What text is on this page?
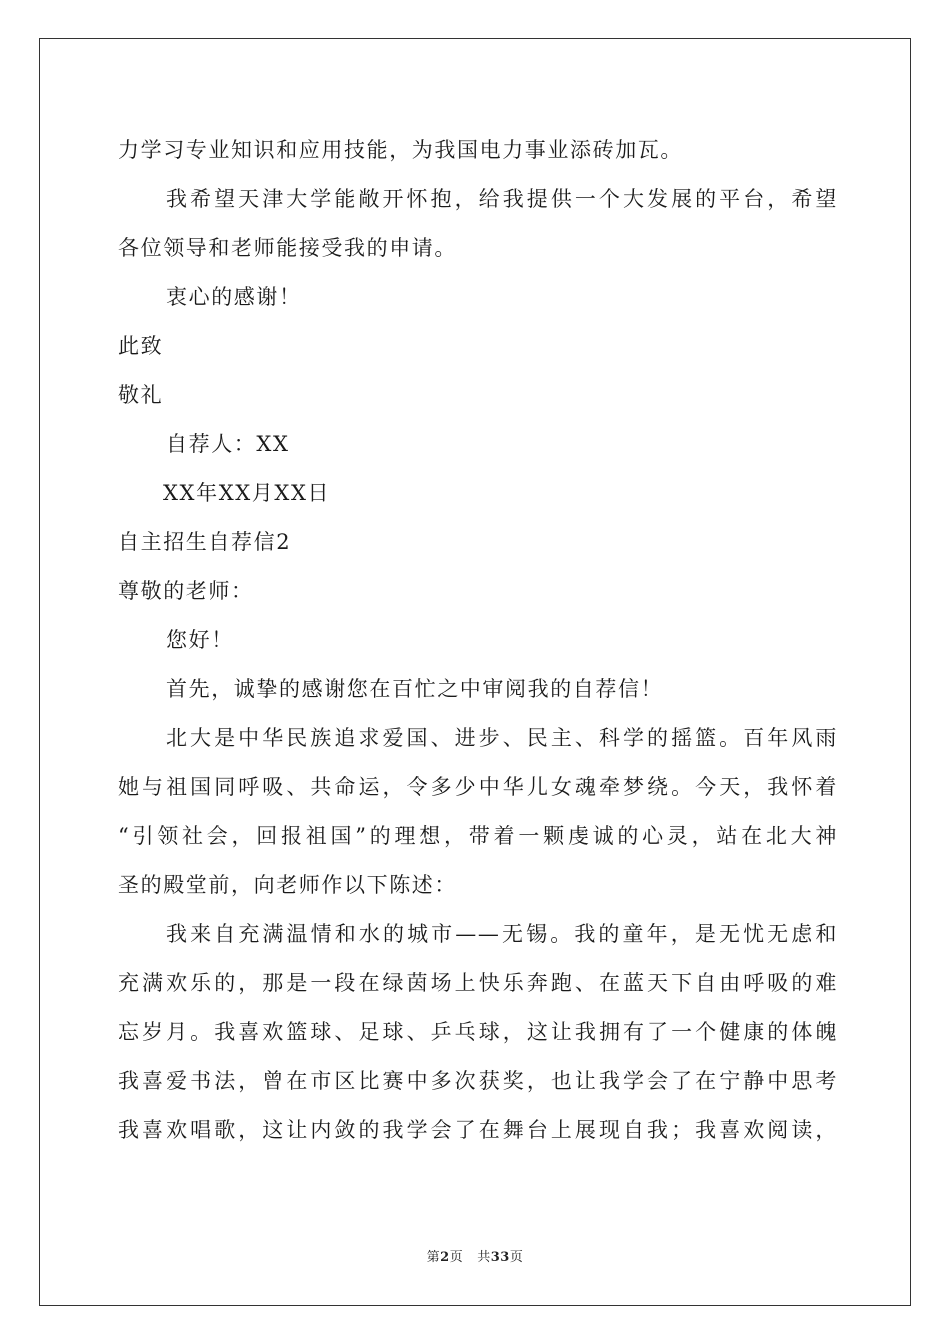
力学习专业知识和应用技能，为我国电力事业添砖加瓦。
我希望天津大学能敞开怀抱，给我提供一个大发展的平台，希望
各位领导和老师能接受我的申请。
衷心的感谢！
此致
敬礼
自荐人：XX
XX年XX月XX日
自主招生自荐信2
尊敬的老师：
您好！
首先，诚挚的感谢您在百忙之中审阅我的自荐信！
北大是中华民族追求爱国、进步、民主、科学的摇篮。百年风雨
她与祖国同呼吸、共命运，令多少中华儿女魂牵梦绕。今天，我怀着
“引领社会，回报祖国”的理想，带着一颗虔诚的心灵，站在北大神
圣的殿堂前，向老师作以下陈述：
我来自充满温情和水的城市——无锡。我的童年，是无忧无虑和
充满欢乐的，那是一段在绿茵场上快乐奔跑、在蓝天下自由呼吸的难
忘岁月。我喜欢篮球、足球、乒乓球，这让我拥有了一个健康的体魄
我喜爱书法，曾在市区比赛中多次获奖，也让我学会了在宁静中思考
我喜欢唱歌，这让内敛的我学会了在舞台上展现自我；我喜欢阅读，
第2页 共33页
